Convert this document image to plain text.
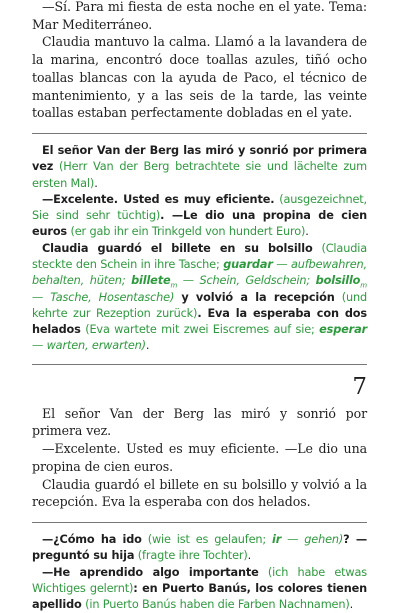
—Sí. Para mi fiesta de esta noche en el yate. Tema: Mar Mediterráneo.

Claudia mantuvo la calma. Llamó a la lavandera de la marina, encontró doce toallas azules, tiñó ocho toallas blancas con la ayuda de Paco, el técnico de mantenimiento, y a las seis de la tarde, las veinte toallas estaban perfectamente dobladas en el yate.

El señor Van der Berg las miró y sonrió por primera vez (Herr Van der Berg betrachtete sie und lächelte zum ersten Mal).

—Excelente. Usted es muy eficiente. (ausgezeichnet, Sie sind sehr tüchtig). —Le dio una propina de cien euros (er gab ihr ein Trinkgeld von hundert Euro).

Claudia guardó el billete en su bolsillo (Claudia steckte den Schein in ihre Tasche; guardar — aufbewahren, behalten, hüten; billete$_m$ — Schein, Geldschein; bolsillo$_m$ — Tasche, Hosentasche) y volvió a la recepción (und kehrte zur Rezeption zurück). Eva la esperaba con dos helados (Eva wartete mit zwei Eiscremes auf sie; esperar — warten, erwarten).

7

El señor Van der Berg las miró y sonrió por primera vez.

—Excelente. Usted es muy eficiente. —Le dio una propina de cien euros.

Claudia guardó el billete en su bolsillo y volvió a la recepción. Eva la esperaba con dos helados.

—¿Cómo ha ido (wie ist es gelaufen; ir — gehen)? —preguntó su hija (fragte ihre Tochter).

—He aprendido algo importante (ich habe etwas Wichtiges gelernt): en Puerto Banús, los colores tienen apellido (in Puerto Banús haben die Farben Nachnamen).
